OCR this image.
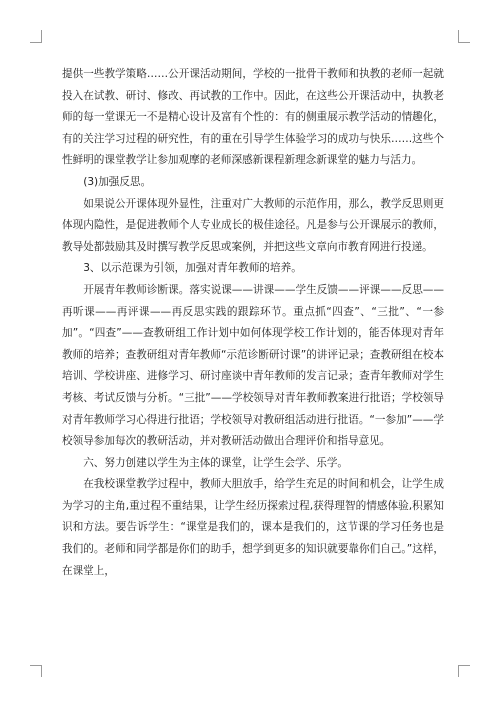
提供一些教学策略……公开课活动期间，学校的一批骨干教师和执教的老师一起就投入在试教、研讨、修改、再试教的工作中。因此，在这些公开课活动中，执教老师的每一堂课无一不是精心设计及富有个性的：有的侧重展示教学活动的情趣化，有的关注学习过程的研究性，有的重在引导学生体验学习的成功与快乐……这些个性鲜明的课堂教学让参加观摩的老师深感新课程新理念新课堂的魅力与活力。

(3)加强反思。

如果说公开课体现外显性，注重对广大教师的示范作用，那么，教学反思则更体现内隐性，是促进教师个人专业成长的极佳途径。凡是参与公开课展示的教师，教导处都鼓励其及时撰写教学反思或案例，并把这些文章向市教育网进行投递。

3、以示范课为引领，加强对青年教师的培养。

开展青年教师诊断课。落实说课——讲课——学生反馈——评课——反思——再听课——再评课——再反思实践的跟踪环节。重点抓“四查”、“三批”、“一参加”。“四查”——查教研组工作计划中如何体现学校工作计划的，能否体现对青年教师的培养；查教研组对青年教师“示范诊断研讨课”的讲评记录；查教研组在校本培训、学校讲座、进修学习、研讨座谈中青年教师的发言记录；查青年教师对学生考核、考试反馈与分析。“三批”——学校领导对青年教师教案进行批语；学校领导对青年教师学习心得进行批语；学校领导对教研组活动进行批语。“一参加”——学校领导参加每次的教研活动，并对教研活动做出合理评价和指导意见。

六、努力创建以学生为主体的课堂，让学生会学、乐学。

在我校课堂教学过程中，教师大胆放手，给学生充足的时间和机会，让学生成为学习的主角,重过程不重结果，让学生经历探索过程,获得理智的情感体验,积累知识和方法。要告诉学生：“课堂是我们的，课本是我们的，这节课的学习任务也是我们的。老师和同学都是你们的助手，想学到更多的知识就要靠你们自己。”这样，在课堂上，
